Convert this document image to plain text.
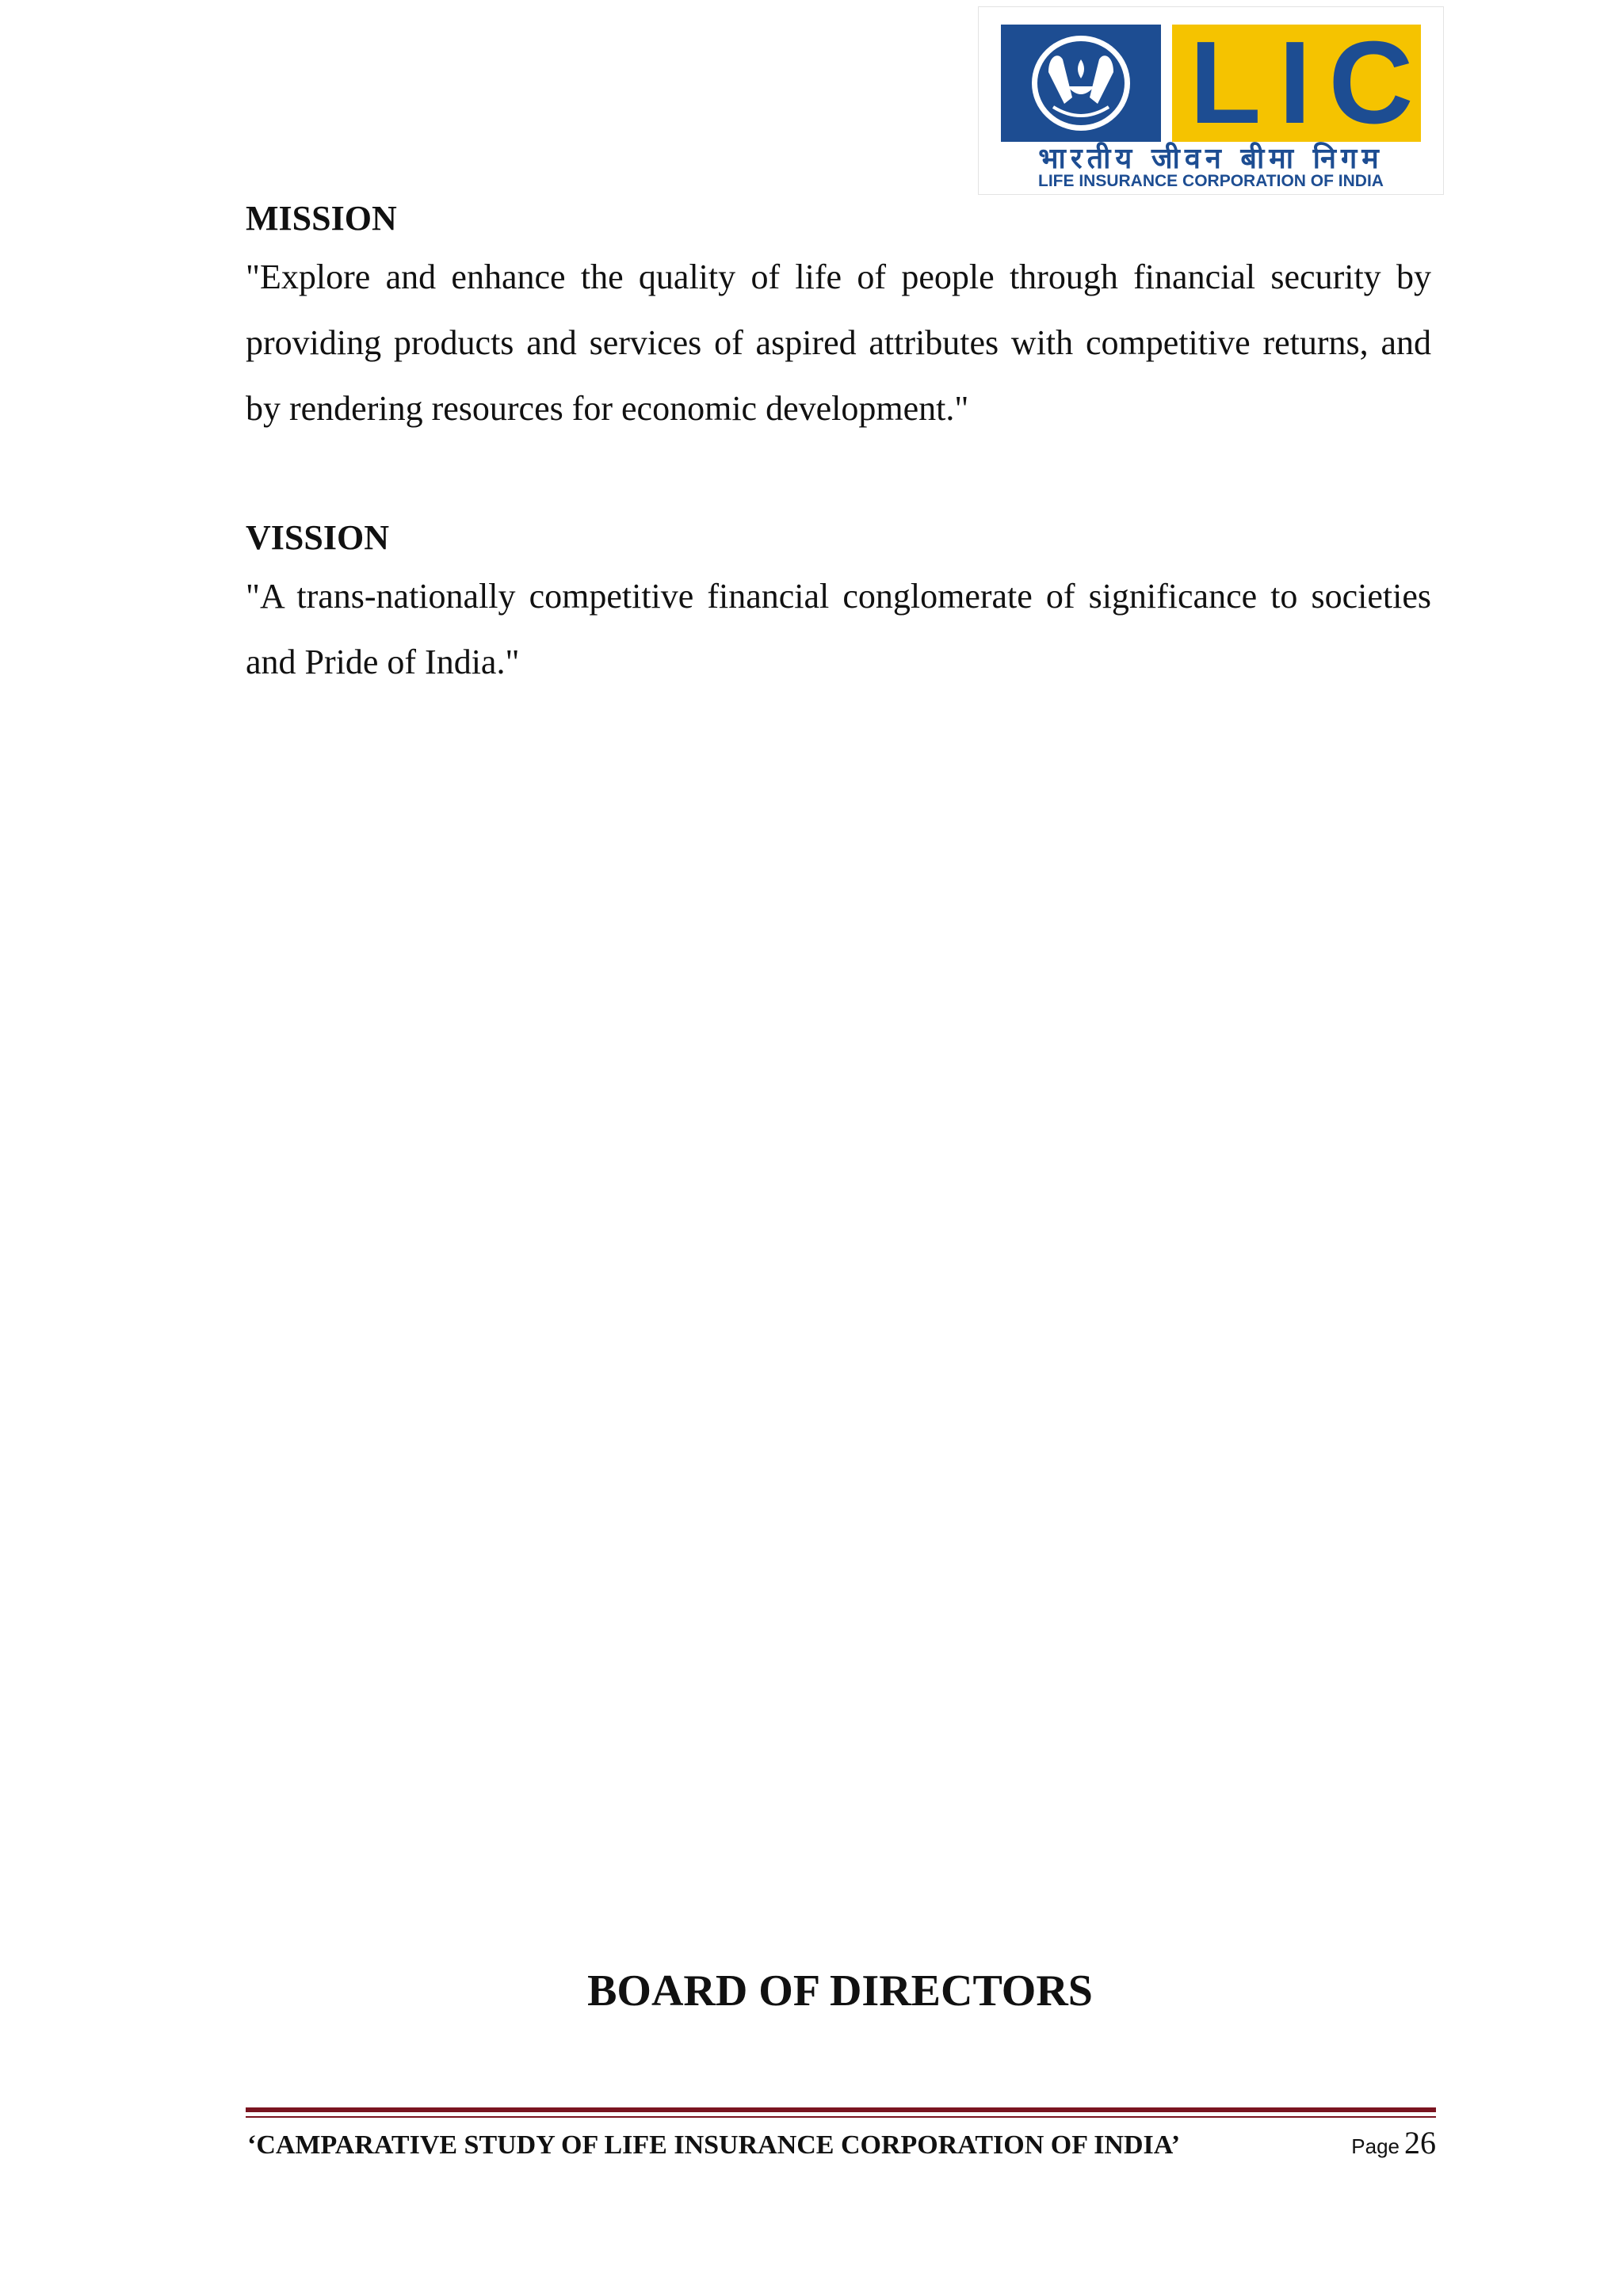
LIC
भारतीय जीवन बीमा निगम
LIFE INSURANCE CORPORATION OF INDIA

MISSION

"Explore and enhance the quality of life of people through financial security by providing products and services of aspired attributes with competitive returns, and by rendering resources for economic development."

VISSION

"A trans-nationally competitive financial conglomerate of significance to societies and Pride of India."

BOARD OF DIRECTORS
‘CAMPARATIVE STUDY OF LIFE INSURANCE CORPORATION OF INDIA’	Page 26
